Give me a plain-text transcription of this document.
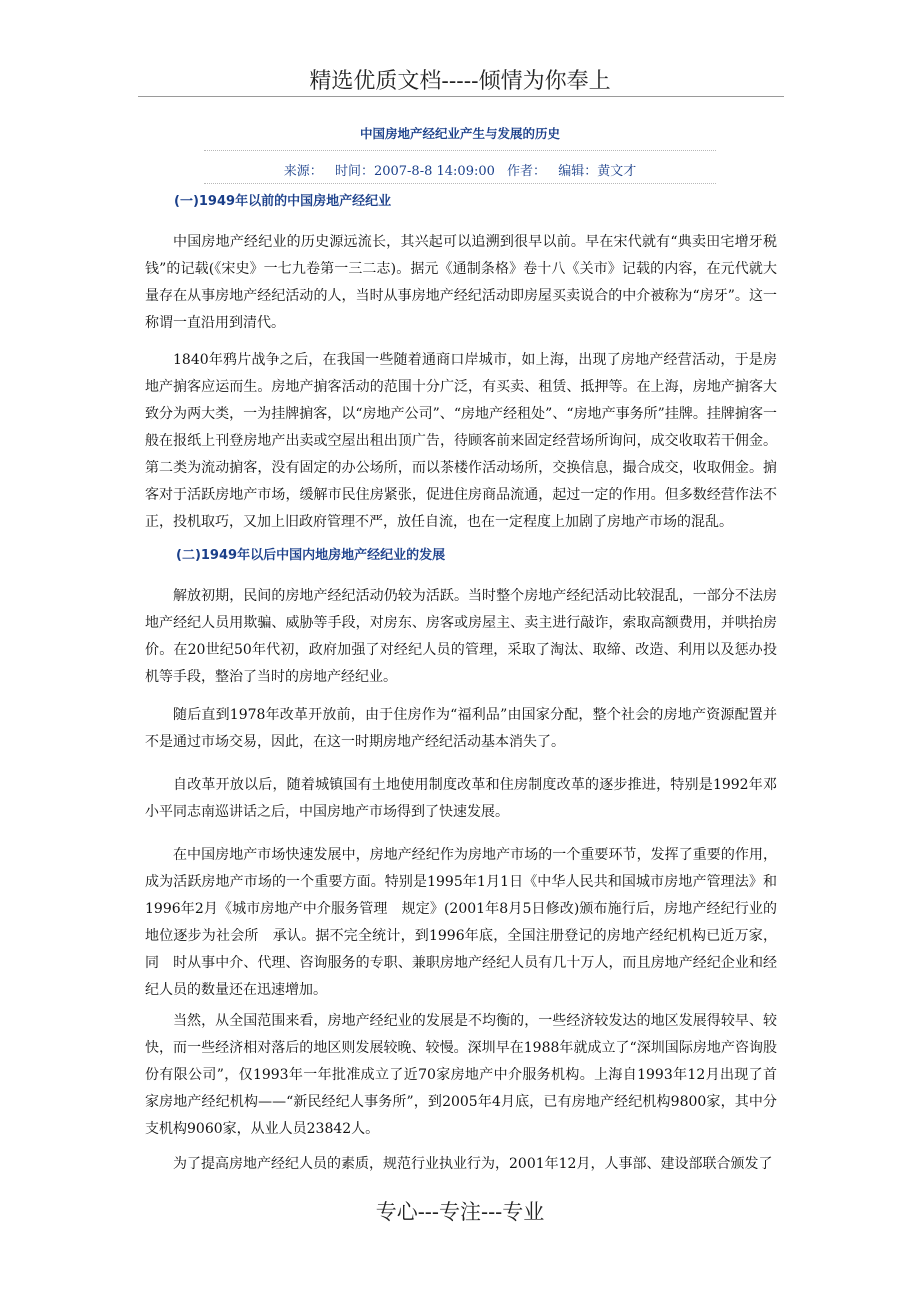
精选优质文档-----倾情为你奉上
中国房地产经纪业产生与发展的历史
来源： 时间：2007-8-8 14:09:00 作者： 编辑：黄文才
(一)1949年以前的中国房地产经纪业

中国房地产经纪业的历史源远流长，其兴起可以追溯到很早以前。早在宋代就有“典卖田宅增牙税钱”的记载(《宋史》一七九卷第一三二志)。据元《通制条格》卷十八《关市》记载的内容，在元代就大量存在从事房地产经纪活动的人，当时从事房地产经纪活动即房屋买卖说合的中介被称为“房牙”。这一称谓一直沿用到清代。

1840年鸦片战争之后，在我国一些随着通商口岸城市，如上海，出现了房地产经营活动，于是房地产掮客应运而生。房地产掮客活动的范围十分广泛，有买卖、租赁、抵押等。在上海，房地产掮客大致分为两大类，一为挂牌掮客，以“房地产公司”、“房地产经租处”、“房地产事务所”挂牌。挂牌掮客一般在报纸上刊登房地产出卖或空屋出租出顶广告，待顾客前来固定经营场所询问，成交收取若干佣金。第二类为流动掮客，没有固定的办公场所，而以茶楼作活动场所，交换信息，撮合成交，收取佣金。掮客对于活跃房地产市场，缓解市民住房紧张，促进住房商品流通，起过一定的作用。但多数经营作法不正，投机取巧，又加上旧政府管理不严，放任自流，也在一定程度上加剧了房地产市场的混乱。

(二)1949年以后中国内地房地产经纪业的发展

解放初期，民间的房地产经纪活动仍较为活跃。当时整个房地产经纪活动比较混乱，一部分不法房地产经纪人员用欺骗、威胁等手段，对房东、房客或房屋主、卖主进行敲诈，索取高额费用，并哄抬房价。在20世纪50年代初，政府加强了对经纪人员的管理，采取了淘汰、取缔、改造、利用以及惩办投机等手段，整治了当时的房地产经纪业。

随后直到1978年改革开放前，由于住房作为“福利品”由国家分配，整个社会的房地产资源配置并不是通过市场交易，因此，在这一时期房地产经纪活动基本消失了。

自改革开放以后，随着城镇国有土地使用制度改革和住房制度改革的逐步推进，特别是1992年邓小平同志南巡讲话之后，中国房地产市场得到了快速发展。

在中国房地产市场快速发展中，房地产经纪作为房地产市场的一个重要环节，发挥了重要的作用，成为活跃房地产市场的一个重要方面。特别是1995年1月1日《中华人民共和国城市房地产管理法》和1996年2月《城市房地产中介服务管理　规定》(2001年8月5日修改)颁布施行后，房地产经纪行业的地位逐步为社会所　承认。据不完全统计，到1996年底，全国注册登记的房地产经纪机构已近万家，同　时从事中介、代理、咨询服务的专职、兼职房地产经纪人员有几十万人，而且房地产经纪企业和经纪人员的数量还在迅速增加。

当然，从全国范围来看，房地产经纪业的发展是不均衡的，一些经济较发达的地区发展得较早、较快，而一些经济相对落后的地区则发展较晚、较慢。深圳早在1988年就成立了“深圳国际房地产咨询股份有限公司”，仅1993年一年批准成立了近70家房地产中介服务机构。上海自1993年12月出现了首家房地产经纪机构——“新民经纪人事务所”，到2005年4月底，已有房地产经纪机构9800家，其中分支机构9060家，从业人员23842人。

为了提高房地产经纪人员的素质，规范行业执业行为，2001年12月，人事部、建设部联合颁发了

专心---专注---专业
